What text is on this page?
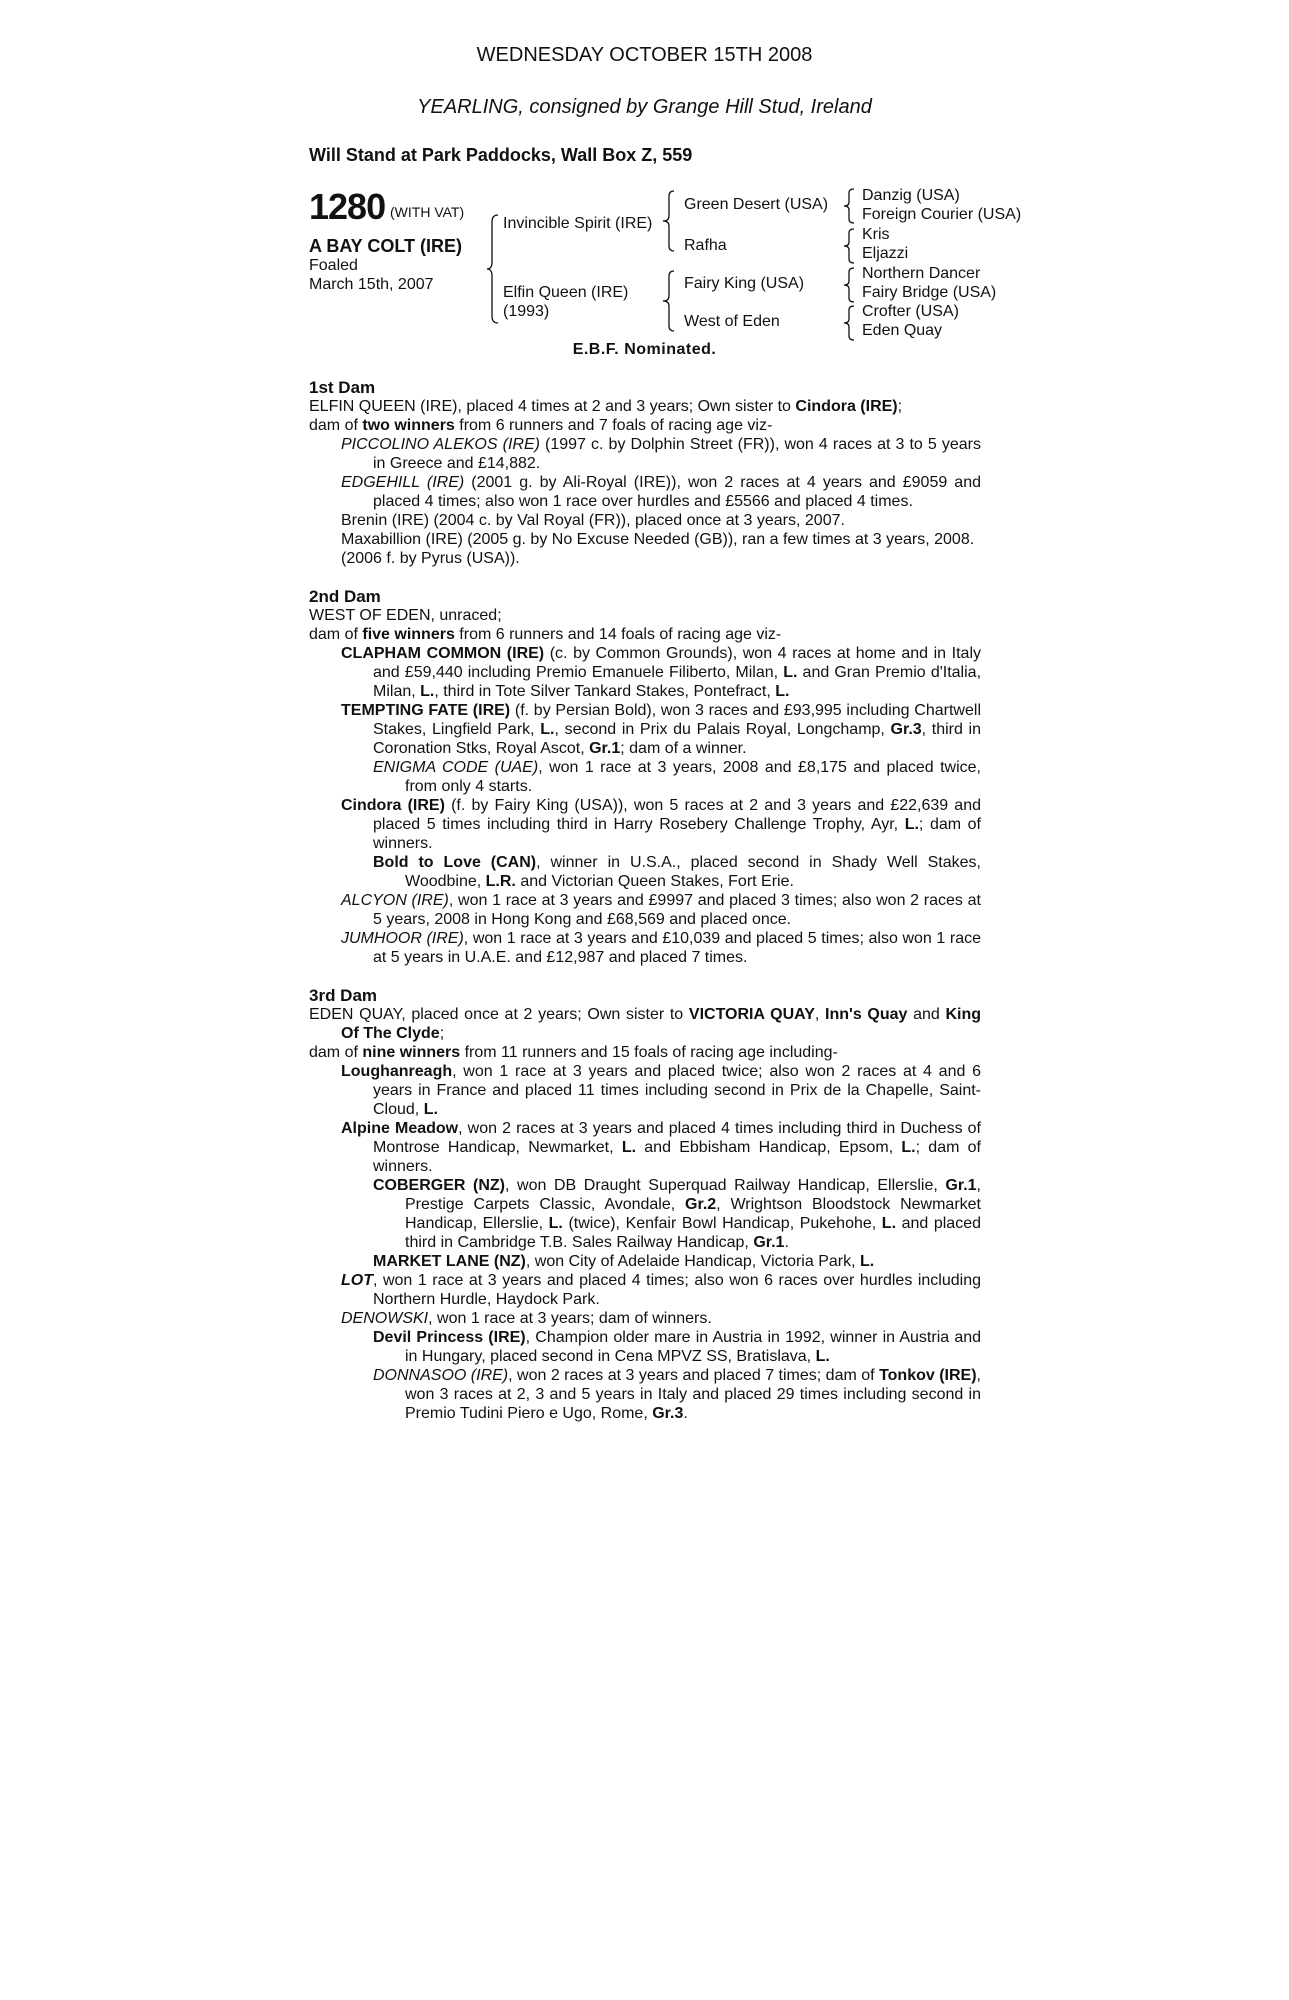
WEDNESDAY OCTOBER 15TH 2008
YEARLING, consigned by Grange Hill Stud, Ireland
Will Stand at Park Paddocks, Wall Box Z, 559
1280 (WITH VAT)
A BAY COLT (IRE)
Foaled
March 15th, 2007
Invincible Spirit (IRE)
Elfin Queen (IRE)
(1993)
Green Desert (USA)
Rafha
Fairy King (USA)
West of Eden
Danzig (USA)
Foreign Courier (USA)
Kris
Eljazzi
Northern Dancer
Fairy Bridge (USA)
Crofter (USA)
Eden Quay
E.B.F. Nominated.

1st Dam

ELFIN QUEEN (IRE), placed 4 times at 2 and 3 years; Own sister to Cindora (IRE);

dam of two winners from 6 runners and 7 foals of racing age viz-

PICCOLINO ALEKOS (IRE) (1997 c. by Dolphin Street (FR)), won 4 races at 3 to 5 years in Greece and £14,882.

EDGEHILL (IRE) (2001 g. by Ali-Royal (IRE)), won 2 races at 4 years and £9059 and placed 4 times; also won 1 race over hurdles and £5566 and placed 4 times.

Brenin (IRE) (2004 c. by Val Royal (FR)), placed once at 3 years, 2007.

Maxabillion (IRE) (2005 g. by No Excuse Needed (GB)), ran a few times at 3 years, 2008.

(2006 f. by Pyrus (USA)).

2nd Dam

WEST OF EDEN, unraced;

dam of five winners from 6 runners and 14 foals of racing age viz-

CLAPHAM COMMON (IRE) (c. by Common Grounds), won 4 races at home and in Italy and £59,440 including Premio Emanuele Filiberto, Milan, L. and Gran Premio d'Italia, Milan, L., third in Tote Silver Tankard Stakes, Pontefract, L.

TEMPTING FATE (IRE) (f. by Persian Bold), won 3 races and £93,995 including Chartwell Stakes, Lingfield Park, L., second in Prix du Palais Royal, Longchamp, Gr.3, third in Coronation Stks, Royal Ascot, Gr.1; dam of a winner.

ENIGMA CODE (UAE), won 1 race at 3 years, 2008 and £8,175 and placed twice, from only 4 starts.

Cindora (IRE) (f. by Fairy King (USA)), won 5 races at 2 and 3 years and £22,639 and placed 5 times including third in Harry Rosebery Challenge Trophy, Ayr, L.; dam of winners.

Bold to Love (CAN), winner in U.S.A., placed second in Shady Well Stakes, Woodbine, L.R. and Victorian Queen Stakes, Fort Erie.

ALCYON (IRE), won 1 race at 3 years and £9997 and placed 3 times; also won 2 races at 5 years, 2008 in Hong Kong and £68,569 and placed once.

JUMHOOR (IRE), won 1 race at 3 years and £10,039 and placed 5 times; also won 1 race at 5 years in U.A.E. and £12,987 and placed 7 times.

3rd Dam

EDEN QUAY, placed once at 2 years; Own sister to VICTORIA QUAY, Inn's Quay and King Of The Clyde;

dam of nine winners from 11 runners and 15 foals of racing age including-

Loughanreagh, won 1 race at 3 years and placed twice; also won 2 races at 4 and 6 years in France and placed 11 times including second in Prix de la Chapelle, Saint-Cloud, L.

Alpine Meadow, won 2 races at 3 years and placed 4 times including third in Duchess of Montrose Handicap, Newmarket, L. and Ebbisham Handicap, Epsom, L.; dam of winners.

COBERGER (NZ), won DB Draught Superquad Railway Handicap, Ellerslie, Gr.1, Prestige Carpets Classic, Avondale, Gr.2, Wrightson Bloodstock Newmarket Handicap, Ellerslie, L. (twice), Kenfair Bowl Handicap, Pukehohe, L. and placed third in Cambridge T.B. Sales Railway Handicap, Gr.1.

MARKET LANE (NZ), won City of Adelaide Handicap, Victoria Park, L.

LOT, won 1 race at 3 years and placed 4 times; also won 6 races over hurdles including Northern Hurdle, Haydock Park.

DENOWSKI, won 1 race at 3 years; dam of winners.

Devil Princess (IRE), Champion older mare in Austria in 1992, winner in Austria and in Hungary, placed second in Cena MPVZ SS, Bratislava, L.

DONNASOO (IRE), won 2 races at 3 years and placed 7 times; dam of Tonkov (IRE), won 3 races at 2, 3 and 5 years in Italy and placed 29 times including second in Premio Tudini Piero e Ugo, Rome, Gr.3.
